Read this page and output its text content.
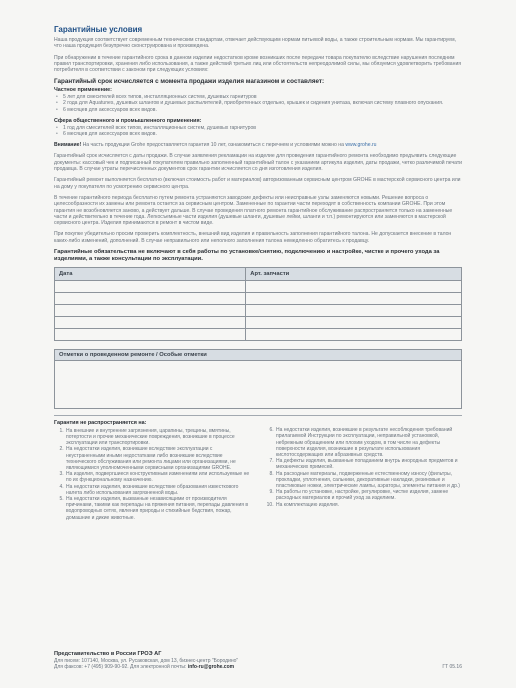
Гарантийные условия

Наша продукция соответствует современным техническим стандартам, отвечает действующим нормам питьевой воды, а также строительным нормам. Мы гарантируем, что наша продукция безупречно сконструирована и произведена.

При обнаружении в течение гарантийного срока в данном изделии недостатков кроме возникших после передачи товара покупателю вследствие нарушения последним правил транспортировки, хранения либо использования, а также действий третьих лиц или обстоятельств непреодолимой силы, мы обязуемся удовлетворить требования потребителя в соответствии с законом при следующих условиях:

Гарантийный срок исчисляется с момента продажи изделия магазином и составляет:
Частное применение:
• 5 лет для смесителей всех типов, инсталляционных систем, душевых гарнитуров
• 2 года для Aquatunes, душевых шлангов и душевых распылителей, приобретенных отдельно, крышек и сидения унитаза, включая систему плавного опускания.
• 6 месяцев для аксессуаров всех видов.
Сфера общественного и промышленного применения:
• 1 год для смесителей всех типов, инсталляционных систем, душевых гарнитуров
• 6 месяцев для аксессуаров всех видов.

Внимание! На часть продукции Grohe предоставляется гарантия 10 лет, ознакомиться с перечнем и условиями можно на www.grohe.ru

Гарантийный срок исчисляется с даты продажи. В случае заявления рекламации на изделие для проведения гарантийного ремонта необходимо предъявить следующие документы: кассовый чек и подписанный покупателем правильно заполненный гарантийный талон с указанием артикула изделия, даты продажи, четко различимой печати продавца. В случае утраты перечисленных документов срок гарантии исчисляется со дня изготовления изделия.

Гарантийный ремонт выполняется бесплатно (включая стоимость работ и материалов) авторизованным сервисным центром GROHE в мастерской сервисного центра или на дому у покупателя по усмотрению сервисного центра.

В течение гарантийного периода бесплатно путем ремонта устраняются заводские дефекты или неисправные узлы заменяются новыми. Решение вопроса о целесообразности их замены или ремонта остается за сервисным центром. Замененные по гарантии части переходят в собственность компании GROHE. При этом гарантия не возобновляется заново, а действует дальше. В случае проведения платного ремонта гарантийное обслуживание распространяется только на замененные части и действительно в течение года. Легкосъемные части изделия (душевые шланги, душевые лейки, шланги и т.п.) ремонтируются или заменяются в мастерской сервисного центра. Изделия принимаются в ремонт в чистом виде.

При покупке убедительно просим проверить комплектность, внешний вид изделия и правильность заполнения гарантийного талона. Не допускается внесение в талон каких-либо изменений, дополнений. В случае неправильного или неполного заполнения талона немедленно обратитесь к продавцу.

Гарантийные обязательства не включают в себя работы по установке/снятию, подключению и настройке, чистке и прочего ухода за изделиями, а также консультации по эксплуатации.
Дата	Арт. запчасти

Отметки о проведенном ремонте / Особые отметки
Гарантия не распространяется на:
1. На внешние и внутренние загрязнения, царапины, трещины, вмятины, потертости и прочие механические повреждения, возникшие в процессе эксплуатации или транспортировки.
2. На недостатки изделия, возникшие вследствие эксплуатации с неустраненными иными недостатками либо возникшие вследствие технического обслуживания или ремонта лицами или организациями, не являющимися уполномоченными сервисными организациями GROHE.
3. На изделия, подвергшиеся конструктивным изменениям или используемые не по их функциональному назначению.
4. На недостатки изделия, возникшие вследствие образования известкового налета либо использования загрязненной воды.
5. На недостатки изделия, вызванные независящими от производителя причинами, такими как перепады на пряжения питания, перепады давления в водопроводных сетях, явления природы и стихийные бедствия, пожар, домашние и дикие животные.
6. На недостатки изделия, возникшие в результате несоблюдения требований прилагаемой Инструкции по эксплуатации, неправильной установкой, небрежным обращением или плохим уходом, в том числе на дефекты поверхности изделия, возникшие в результате использования кислотосодержащих или абразивных средств.
7. На дефекты изделия, вызванные попаданием внутрь инородных предметов и механических примесей.
8. На расходные материалы, подверженные естественному износу (фильтры, прокладки, уплотнения, сальники, декоративные накладки, резиновые и пластиковые ножки, электрические лампы, аэраторы, элементы питания и др.)
9. На работы по установке, настройке, регулировке, чистке изделия, замене расходных материалов и прочий уход за изделием.
10. На комплектацию изделия.
Представительство в России ГРОЭ АГ
Для писем: 107140, Москва, ул. Русаковская, дом 13, бизнес-центр "Бородино"
Для факсов: +7 (495) 909-90-92. Для электронной почты: info-ru@grohe.com	ГТ 05.16
